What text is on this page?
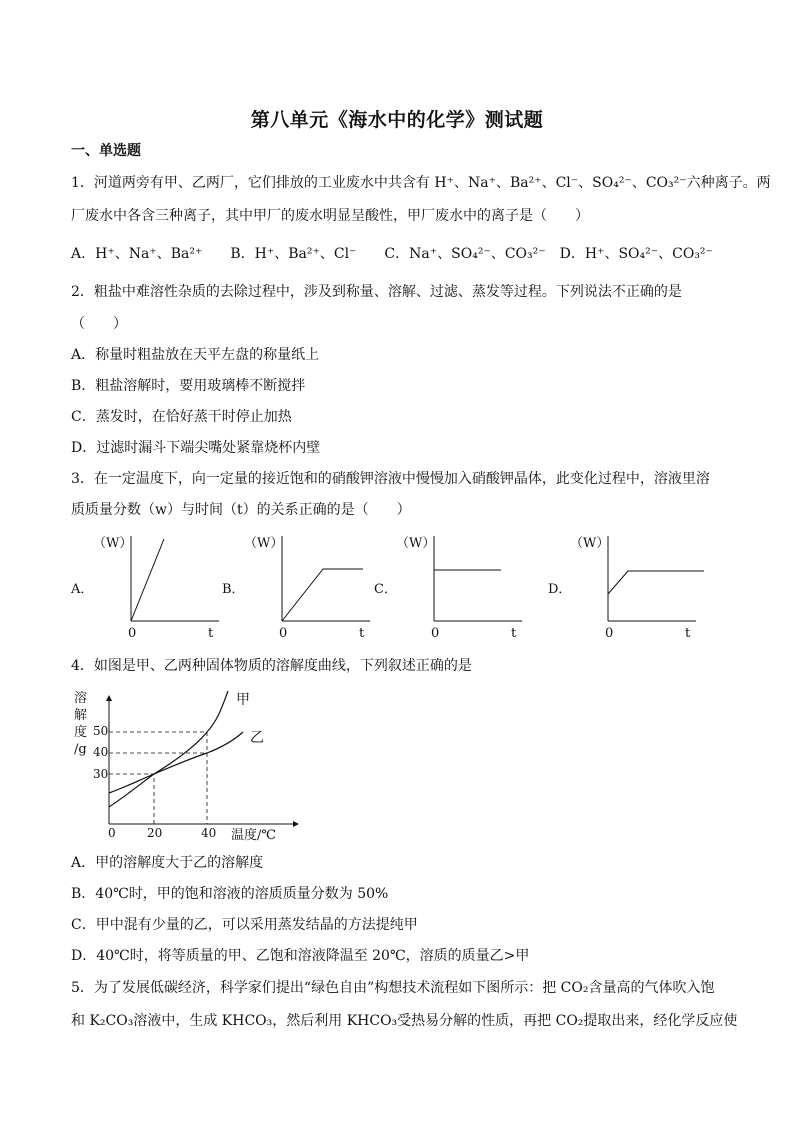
第八单元《海水中的化学》测试题
一、单选题
1．河道两旁有甲、乙两厂，它们排放的工业废水中共含有 H⁺、Na⁺、Ba²⁺、Cl⁻、SO₄²⁻、CO₃²⁻六种离子。两
厂废水中各含三种离子，其中甲厂的废水明显呈酸性，甲厂废水中的离子是（　　）
A．H⁺、Na⁺、Ba²⁺　　B．H⁺、Ba²⁺、Cl⁻　　C．Na⁺、SO₄²⁻、CO₃²⁻　D．H⁺、SO₄²⁻、CO₃²⁻
2．粗盐中难溶性杂质的去除过程中，涉及到称量、溶解、过滤、蒸发等过程。下列说法不正确的是
（　　）
A．称量时粗盐放在天平左盘的称量纸上
B．粗盐溶解时，要用玻璃棒不断搅拌
C．蒸发时，在恰好蒸干时停止加热
D．过滤时漏斗下端尖嘴处紧靠烧杯内壁
3．在一定温度下，向一定量的接近饱和的硝酸钾溶液中慢慢加入硝酸钾晶体，此变化过程中，溶液里溶
质质量分数（w）与时间（t）的关系正确的是（　　）
A．
（W）
0	t
B．
（W）
0	t
C．
（W）
0	t
D．
（W）
0	t
4．如图是甲、乙两种固体物质的溶解度曲线，下列叙述正确的是
溶
解
度
/g
50
40
30
0	20	40 温度/℃
甲
乙
A．甲的溶解度大于乙的溶解度
B．40℃时，甲的饱和溶液的溶质质量分数为 50%
C．甲中混有少量的乙，可以采用蒸发结晶的方法提纯甲
D．40℃时，将等质量的甲、乙饱和溶液降温至 20℃，溶质的质量乙>甲
5．为了发展低碳经济，科学家们提出“绿色自由”构想技术流程如下图所示：把 CO₂含量高的气体吹入饱
和 K₂CO₃溶液中，生成 KHCO₃，然后利用 KHCO₃受热易分解的性质，再把 CO₂提取出来，经化学反应使
